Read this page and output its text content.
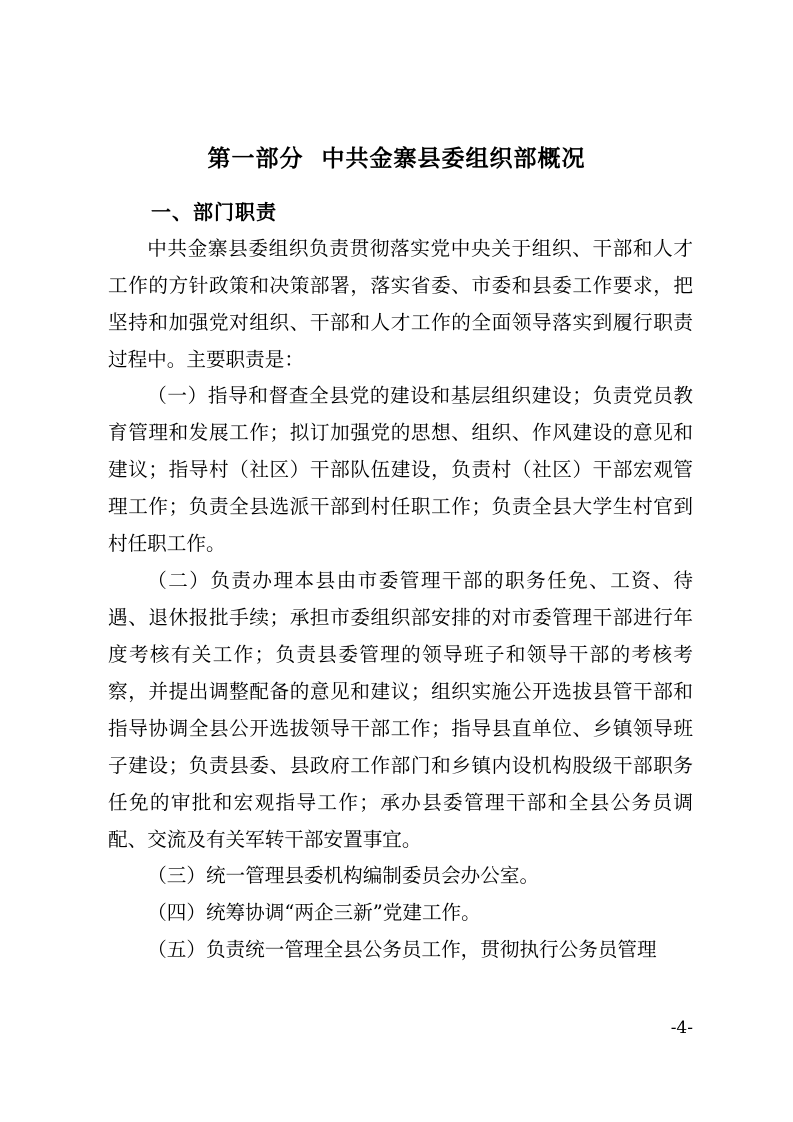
第一部分  中共金寨县委组织部概况
一、部门职责

中共金寨县委组织负责贯彻落实党中央关于组织、干部和人才工作的方针政策和决策部署，落实省委、市委和县委工作要求，把坚持和加强党对组织、干部和人才工作的全面领导落实到履行职责过程中。主要职责是：

（一）指导和督查全县党的建设和基层组织建设；负责党员教育管理和发展工作；拟订加强党的思想、组织、作风建设的意见和建议；指导村（社区）干部队伍建设，负责村（社区）干部宏观管理工作；负责全县选派干部到村任职工作；负责全县大学生村官到村任职工作。

（二）负责办理本县由市委管理干部的职务任免、工资、待遇、退休报批手续；承担市委组织部安排的对市委管理干部进行年度考核有关工作；负责县委管理的领导班子和领导干部的考核考察，并提出调整配备的意见和建议；组织实施公开选拔县管干部和指导协调全县公开选拔领导干部工作；指导县直单位、乡镇领导班子建设；负责县委、县政府工作部门和乡镇内设机构股级干部职务任免的审批和宏观指导工作；承办县委管理干部和全县公务员调配、交流及有关军转干部安置事宜。

（三）统一管理县委机构编制委员会办公室。

（四）统筹协调“两企三新”党建工作。

（五）负责统一管理全县公务员工作，贯彻执行公务员管理

-4-
